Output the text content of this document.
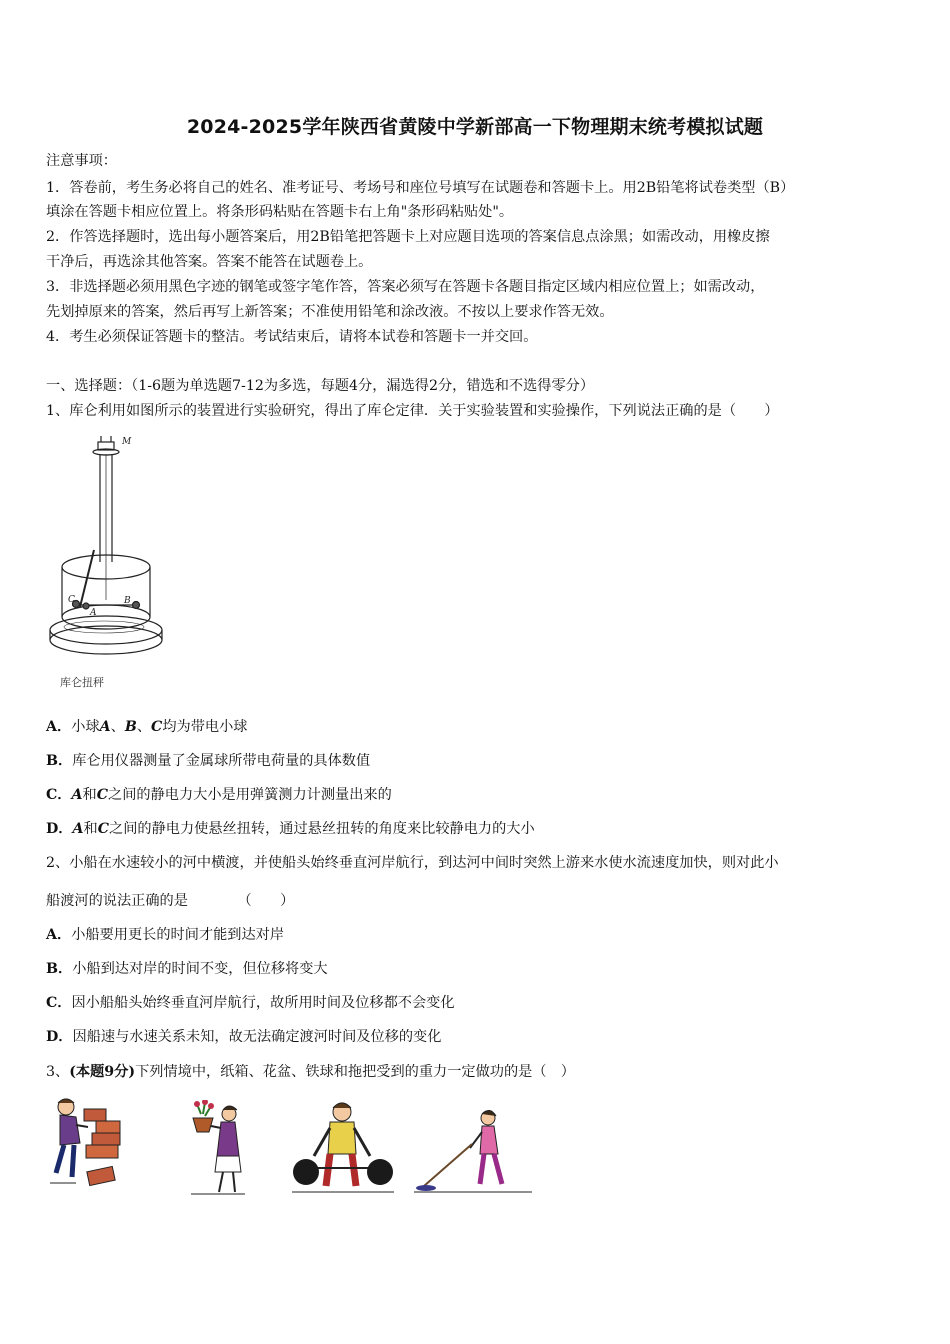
2024-2025学年陕西省黄陵中学新部高一下物理期末统考模拟试题
注意事项：
1．答卷前，考生务必将自己的姓名、准考证号、考场号和座位号填写在试题卷和答题卡上。用2B铅笔将试卷类型（B）
填涂在答题卡相应位置上。将条形码粘贴在答题卡右上角"条形码粘贴处"。
2．作答选择题时，选出每小题答案后，用2B铅笔把答题卡上对应题目选项的答案信息点涂黑；如需改动，用橡皮擦
干净后，再选涂其他答案。答案不能答在试题卷上。
3．非选择题必须用黑色字迹的钢笔或签字笔作答，答案必须写在答题卡各题目指定区域内相应位置上；如需改动，
先划掉原来的答案，然后再写上新答案；不准使用铅笔和涂改液。不按以上要求作答无效。
4．考生必须保证答题卡的整洁。考试结束后，请将本试卷和答题卡一并交回。
一、选择题：（1-6题为单选题7-12为多选，每题4分，漏选得2分，错选和不选得零分）
1、库仑利用如图所示的装置进行实验研究，得出了库仑定律．关于实验装置和实验操作，下列说法正确的是（　　）
M
C
A
B
库仑扭秤
A．小球A、B、C均为带电小球
B．库仑用仪器测量了金属球所带电荷量的具体数值
C．A和C之间的静电力大小是用弹簧测力计测量出来的
D．A和C之间的静电力使悬丝扭转，通过悬丝扭转的角度来比较静电力的大小
2、小船在水速较小的河中横渡，并使船头始终垂直河岸航行，到达河中间时突然上游来水使水流速度加快，则对此小
船渡河的说法正确的是　　　　（　　）
A．小船要用更长的时间才能到达对岸
B．小船到达对岸的时间不变，但位移将变大
C．因小船船头始终垂直河岸航行，故所用时间及位移都不会变化
D．因船速与水速关系未知，故无法确定渡河时间及位移的变化
3、(本题9分)下列情境中，纸箱、花盆、铁球和拖把受到的重力一定做功的是（　）
